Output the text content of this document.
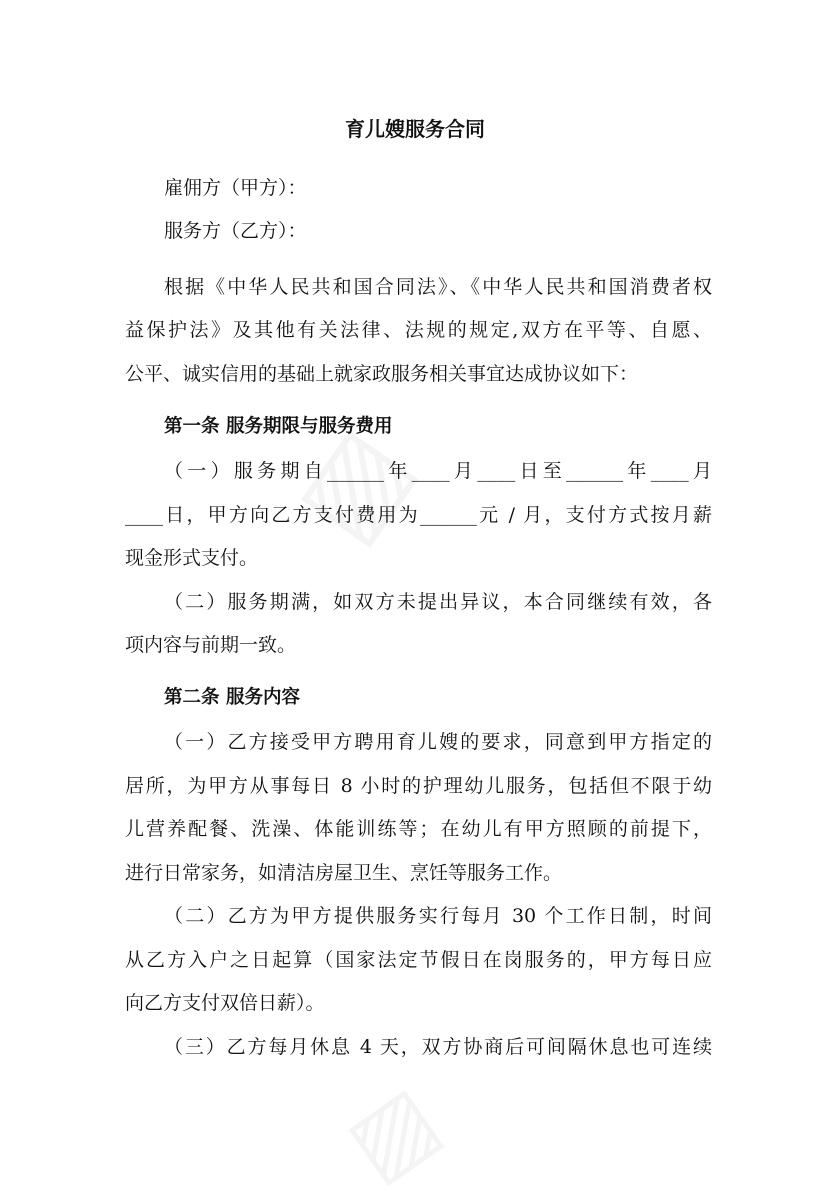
育儿嫂服务合同
雇佣方（甲方）：
服务方（乙方）：
根据《中华人民共和国合同法》、《中华人民共和国消费者权
益保护法》及其他有关法律、法规的规定,双方在平等、自愿、
公平、诚实信用的基础上就家政服务相关事宜达成协议如下：
第一条 服务期限与服务费用
（一）服务期自______年____月____日至______年____月
____日，甲方向乙方支付费用为______元 / 月，支付方式按月薪
现金形式支付。
（二）服务期满，如双方未提出异议，本合同继续有效，各
项内容与前期一致。
第二条 服务内容
（一）乙方接受甲方聘用育儿嫂的要求，同意到甲方指定的
居所，为甲方从事每日 8 小时的护理幼儿服务，包括但不限于幼
儿营养配餐、洗澡、体能训练等；在幼儿有甲方照顾的前提下，
进行日常家务，如清洁房屋卫生、烹饪等服务工作。
（二）乙方为甲方提供服务实行每月 30 个工作日制，时间
从乙方入户之日起算（国家法定节假日在岗服务的，甲方每日应
向乙方支付双倍日薪）。
（三）乙方每月休息 4 天，双方协商后可间隔休息也可连续
